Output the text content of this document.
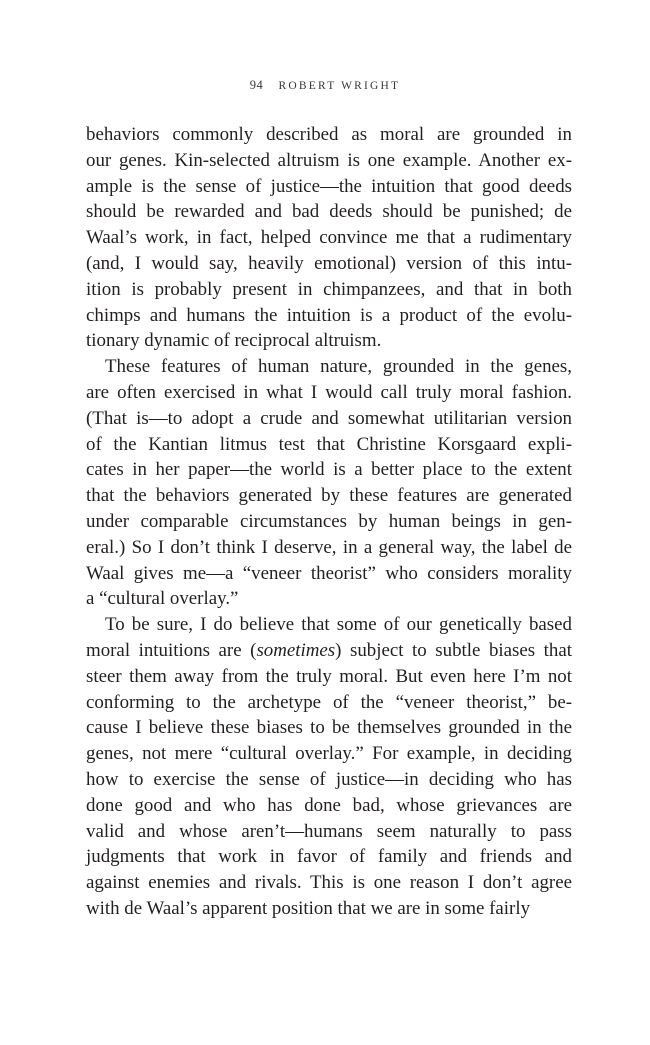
94 ROBERT WRIGHT
behaviors commonly described as moral are grounded in
our genes. Kin-selected altruism is one example. Another ex-
ample is the sense of justice—the intuition that good deeds
should be rewarded and bad deeds should be punished; de
Waal’s work, in fact, helped convince me that a rudimentary
(and, I would say, heavily emotional) version of this intu-
ition is probably present in chimpanzees, and that in both
chimps and humans the intuition is a product of the evolu-
tionary dynamic of reciprocal altruism.
These features of human nature, grounded in the genes,
are often exercised in what I would call truly moral fashion.
(That is—to adopt a crude and somewhat utilitarian version
of the Kantian litmus test that Christine Korsgaard expli-
cates in her paper—the world is a better place to the extent
that the behaviors generated by these features are generated
under comparable circumstances by human beings in gen-
eral.) So I don’t think I deserve, in a general way, the label de
Waal gives me—a “veneer theorist” who considers morality
a “cultural overlay.”
To be sure, I do believe that some of our genetically based
moral intuitions are (sometimes) subject to subtle biases that
steer them away from the truly moral. But even here I’m not
conforming to the archetype of the “veneer theorist,” be-
cause I believe these biases to be themselves grounded in the
genes, not mere “cultural overlay.” For example, in deciding
how to exercise the sense of justice—in deciding who has
done good and who has done bad, whose grievances are
valid and whose aren’t—humans seem naturally to pass
judgments that work in favor of family and friends and
against enemies and rivals. This is one reason I don’t agree
with de Waal’s apparent position that we are in some fairly
